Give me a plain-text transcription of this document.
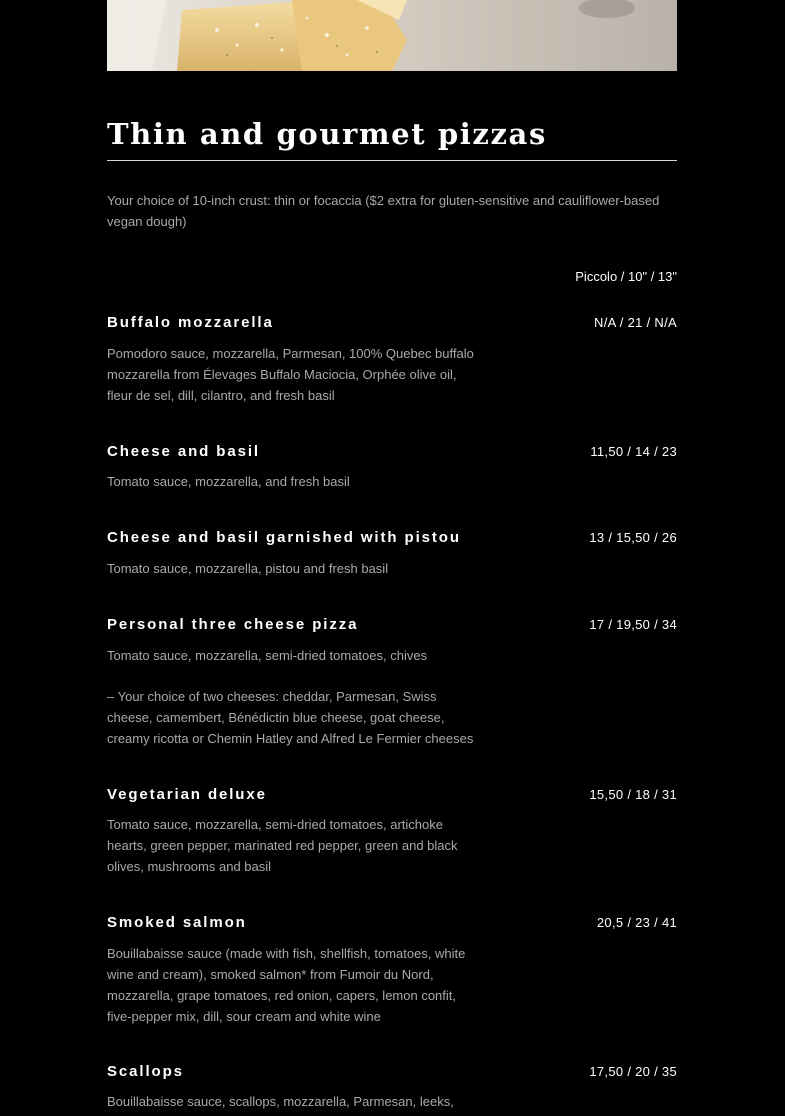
Thin and gourmet pizzas

Your choice of 10-inch crust: thin or focaccia ($2 extra for gluten-sensitive and cauliflower-based vegan dough)

Piccolo / 10" / 13"
Buffalo mozzarella	N/A / 21 / N/A

Pomodoro sauce, mozzarella, Parmesan, 100% Quebec buffalo mozzarella from Élevages Buffalo Maciocia, Orphée olive oil, fleur de sel, dill, cilantro, and fresh basil

Cheese and basil	11,50 / 14 / 23

Tomato sauce, mozzarella, and fresh basil

Cheese and basil garnished with pistou	13 / 15,50 / 26

Tomato sauce, mozzarella, pistou and fresh basil

Personal three cheese pizza	17 / 19,50 / 34

Tomato sauce, mozzarella, semi-dried tomatoes, chives

– Your choice of two cheeses: cheddar, Parmesan, Swiss cheese, camembert, Bénédictin blue cheese, goat cheese, creamy ricotta or Chemin Hatley and Alfred Le Fermier cheeses

Vegetarian deluxe	15,50 / 18 / 31

Tomato sauce, mozzarella, semi-dried tomatoes, artichoke hearts, green pepper, marinated red pepper, green and black olives, mushrooms and basil

Smoked salmon	20,5 / 23 / 41

Bouillabaisse sauce (made with fish, shellfish, tomatoes, white wine and cream), smoked salmon* from Fumoir du Nord, mozzarella, grape tomatoes, red onion, capers, lemon confit, five-pepper mix, dill, sour cream and white wine

Scallops	17,50 / 20 / 35

Bouillabaisse sauce, scallops, mozzarella, Parmesan, leeks,
